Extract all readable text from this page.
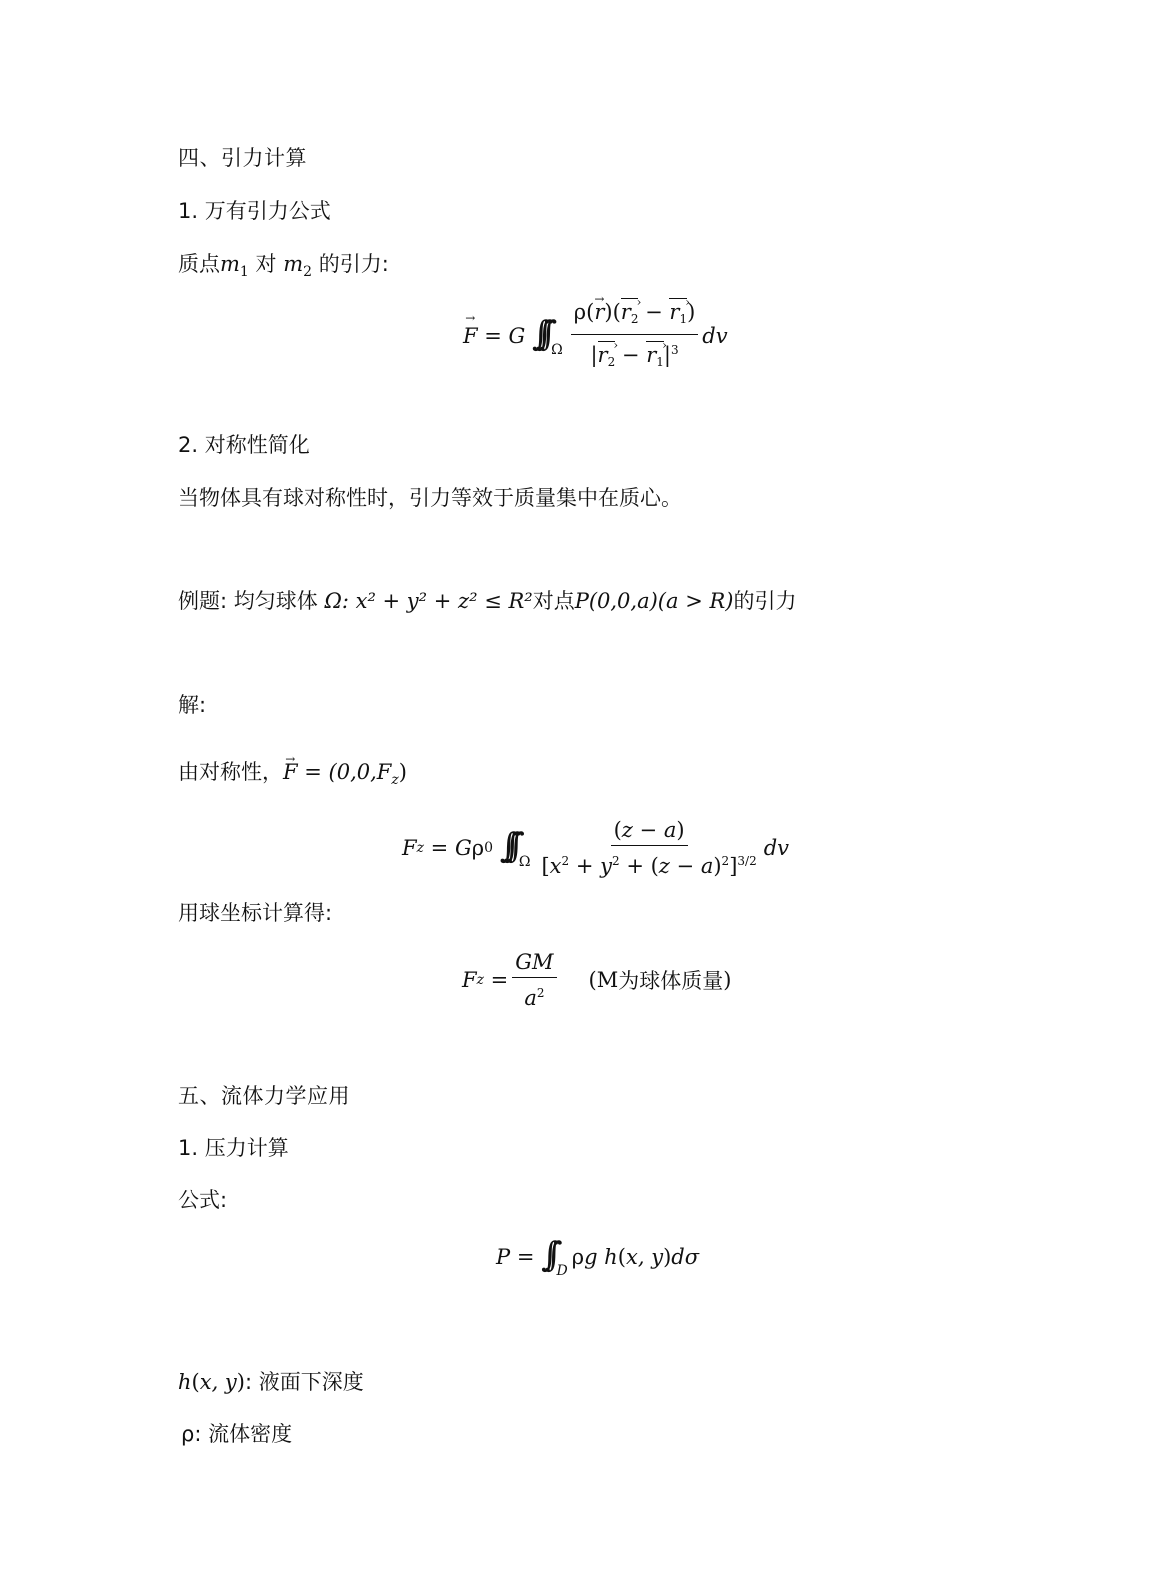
四、引力计算
1. 万有引力公式
质点$m_1$ 对 $m_2$ 的引力:
→ F
= G ∫∫∫ Ω $\frac{\rho(\to r)(r2 › - r1 ›)}{|r2 › - r1 ›|^3}$ dv
2. 对称性简化
当物体具有球对称性时，引力等效于质量集中在质心。
例题: 均匀球体 Ω: x² + y² + z² ≤ R²对点P(0,0,a)(a > R)的引力
解:
由对称性，→ $F = (0,0,F_z)$
F z
= G ρ 0
∫∫∫ Ω $\frac{(z - a)}{[x^2 + y^2 + (z - a)^2]^{3/2}}$ dv
用球坐标计算得:
F z
= $\frac{GM}{a^2} (M$ 为球体质量 )
五、流体力学应用
1. 压力计算
公式:
P =
∫∫ D
ρ g ℎ ( x, y ) dσ
ℎ(x, y): 液面下深度
ρ: 流体密度
